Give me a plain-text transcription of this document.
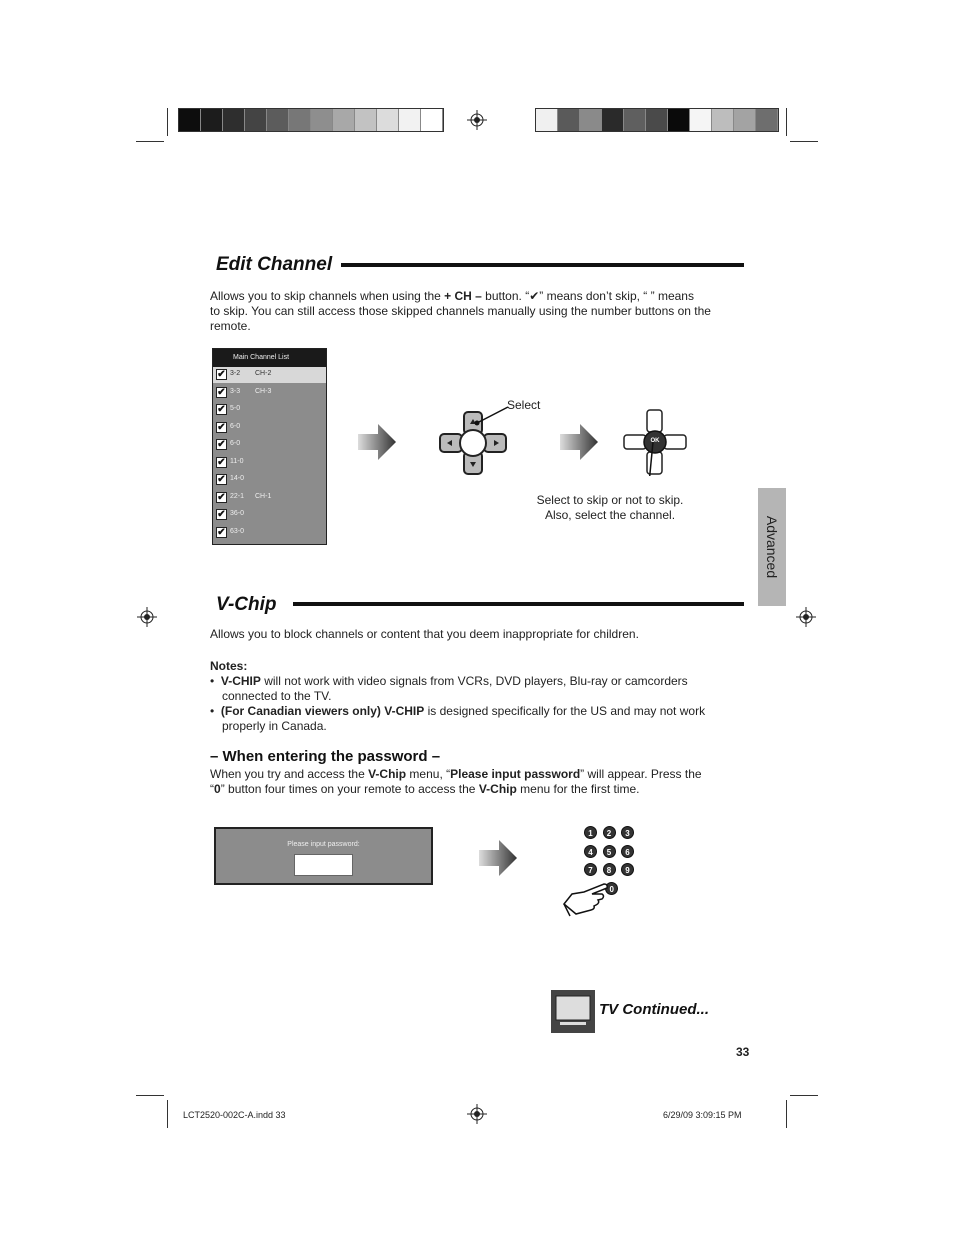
Edit Channel
Allows you to skip channels when using the + CH – button. “✔” means don’t skip, “ ” means
to skip. You can still access those skipped channels manually using the number buttons on the
remote.
Main Channel List
✔ 3-2 CH-2
✔ 3-3 CH-3
✔ 5-0
✔ 6-0
✔ 6-0
✔ 11-0
✔ 14-0
✔ 22-1 CH-1
✔ 36-0
✔ 63-0
Select
OK
Select to skip or not to skip.
Also, select the channel.
Advanced
V-Chip
Allows you to block channels or content that you deem inappropriate for children.
Notes:
•  V-CHIP will not work with video signals from VCRs, DVD players, Blu-ray or camcorders
connected to the TV.
•  (For Canadian viewers only) V-CHIP is designed specifically for the US and may not work
properly in Canada.
– When entering the password –
When you try and access the V-Chip menu, “Please input password” will appear. Press the
“0” button four times on your remote to access the V-Chip menu for the first time.
Please input password:
1	2	3
4	5	6
7	8	9
0
TV Continued...
33
LCT2520-002C-A.indd 33	6/29/09 3:09:15 PM
